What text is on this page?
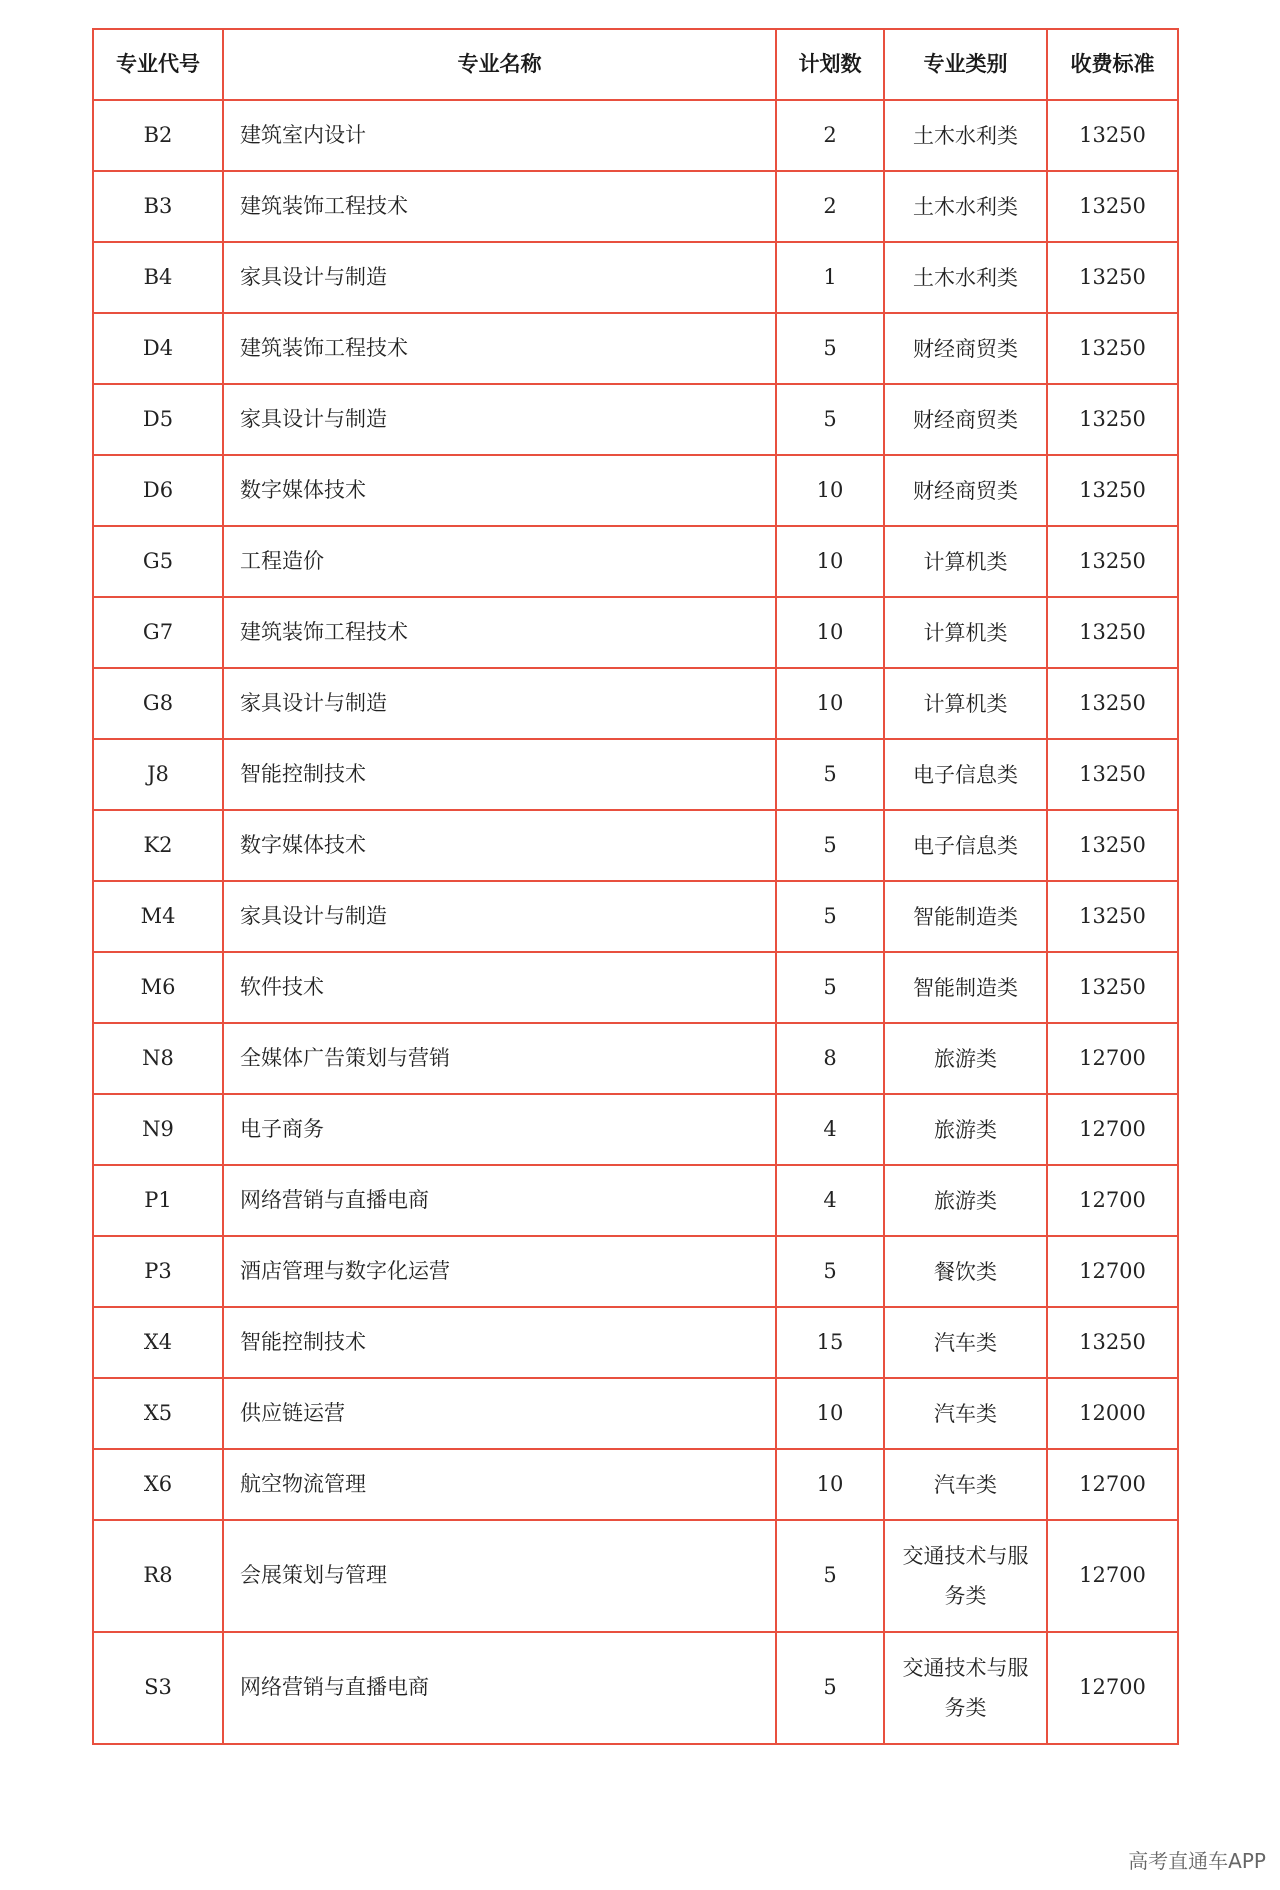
专业代号	专业名称	计划数	专业类别	收费标准
B2	建筑室内设计	2	土木水利类	13250
B3	建筑装饰工程技术	2	土木水利类	13250
B4	家具设计与制造	1	土木水利类	13250
D4	建筑装饰工程技术	5	财经商贸类	13250
D5	家具设计与制造	5	财经商贸类	13250
D6	数字媒体技术	10	财经商贸类	13250
G5	工程造价	10	计算机类	13250
G7	建筑装饰工程技术	10	计算机类	13250
G8	家具设计与制造	10	计算机类	13250
J8	智能控制技术	5	电子信息类	13250
K2	数字媒体技术	5	电子信息类	13250
M4	家具设计与制造	5	智能制造类	13250
M6	软件技术	5	智能制造类	13250
N8	全媒体广告策划与营销	8	旅游类	12700
N9	电子商务	4	旅游类	12700
P1	网络营销与直播电商	4	旅游类	12700
P3	酒店管理与数字化运营	5	餐饮类	12700
X4	智能控制技术	15	汽车类	13250
X5	供应链运营	10	汽车类	12000
X6	航空物流管理	10	汽车类	12700
R8	会展策划与管理	5	交通技术与服务类	12700
S3	网络营销与直播电商	5	交通技术与服务类	12700
高考直通车APP
